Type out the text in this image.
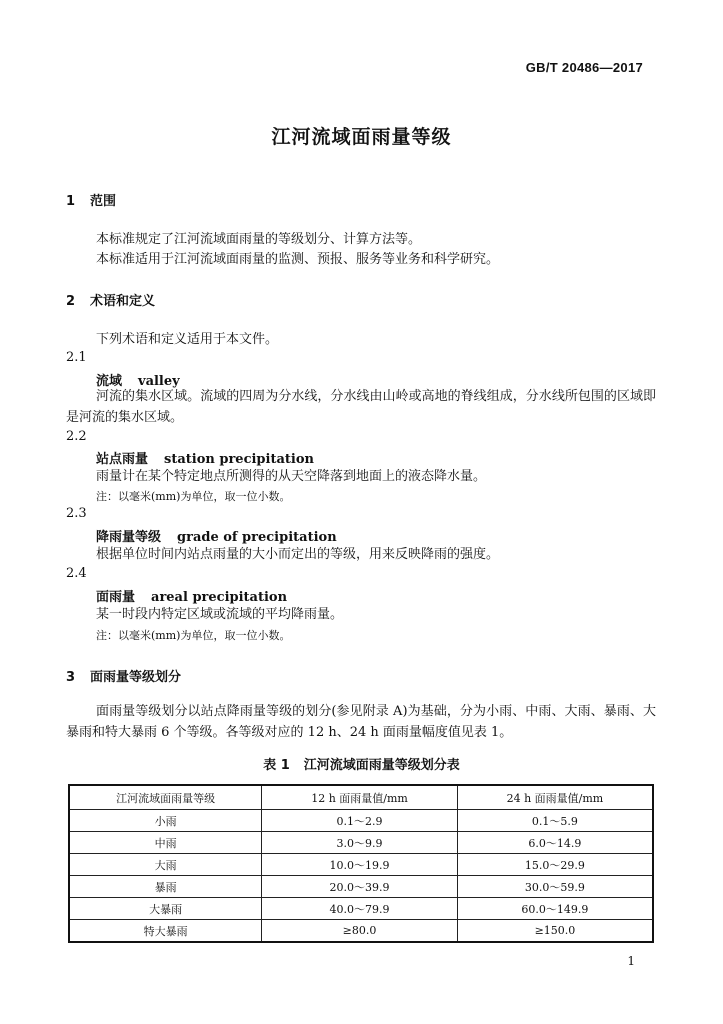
GB/T 20486—2017
江河流域面雨量等级
1 范围
本标准规定了江河流域面雨量的等级划分、计算方法等。
本标准适用于江河流域面雨量的监测、预报、服务等业务和科学研究。
2 术语和定义
下列术语和定义适用于本文件。
2.1
流域 valley
河流的集水区域。流域的四周为分水线，分水线由山岭或高地的脊线组成，分水线所包围的区域即是河流的集水区域。
2.2
站点雨量 station precipitation
雨量计在某个特定地点所测得的从天空降落到地面上的液态降水量。
注：以毫米(mm)为单位，取一位小数。
2.3
降雨量等级 grade of precipitation
根据单位时间内站点雨量的大小而定出的等级，用来反映降雨的强度。
2.4
面雨量 areal precipitation
某一时段内特定区域或流域的平均降雨量。
注：以毫米(mm)为单位，取一位小数。
3 面雨量等级划分
面雨量等级划分以站点降雨量等级的划分(参见附录 A)为基础，分为小雨、中雨、大雨、暴雨、大暴雨和特大暴雨 6 个等级。各等级对应的 12 h、24 h 面雨量幅度值见表 1。
表 1 江河流域面雨量等级划分表
江河流域面雨量等级	12 h 面雨量值/mm	24 h 面雨量值/mm
小雨	0.1～2.9	0.1～5.9
中雨	3.0～9.9	6.0～14.9
大雨	10.0～19.9	15.0～29.9
暴雨	20.0～39.9	30.0～59.9
大暴雨	40.0～79.9	60.0～149.9
特大暴雨	≥80.0	≥150.0
1
